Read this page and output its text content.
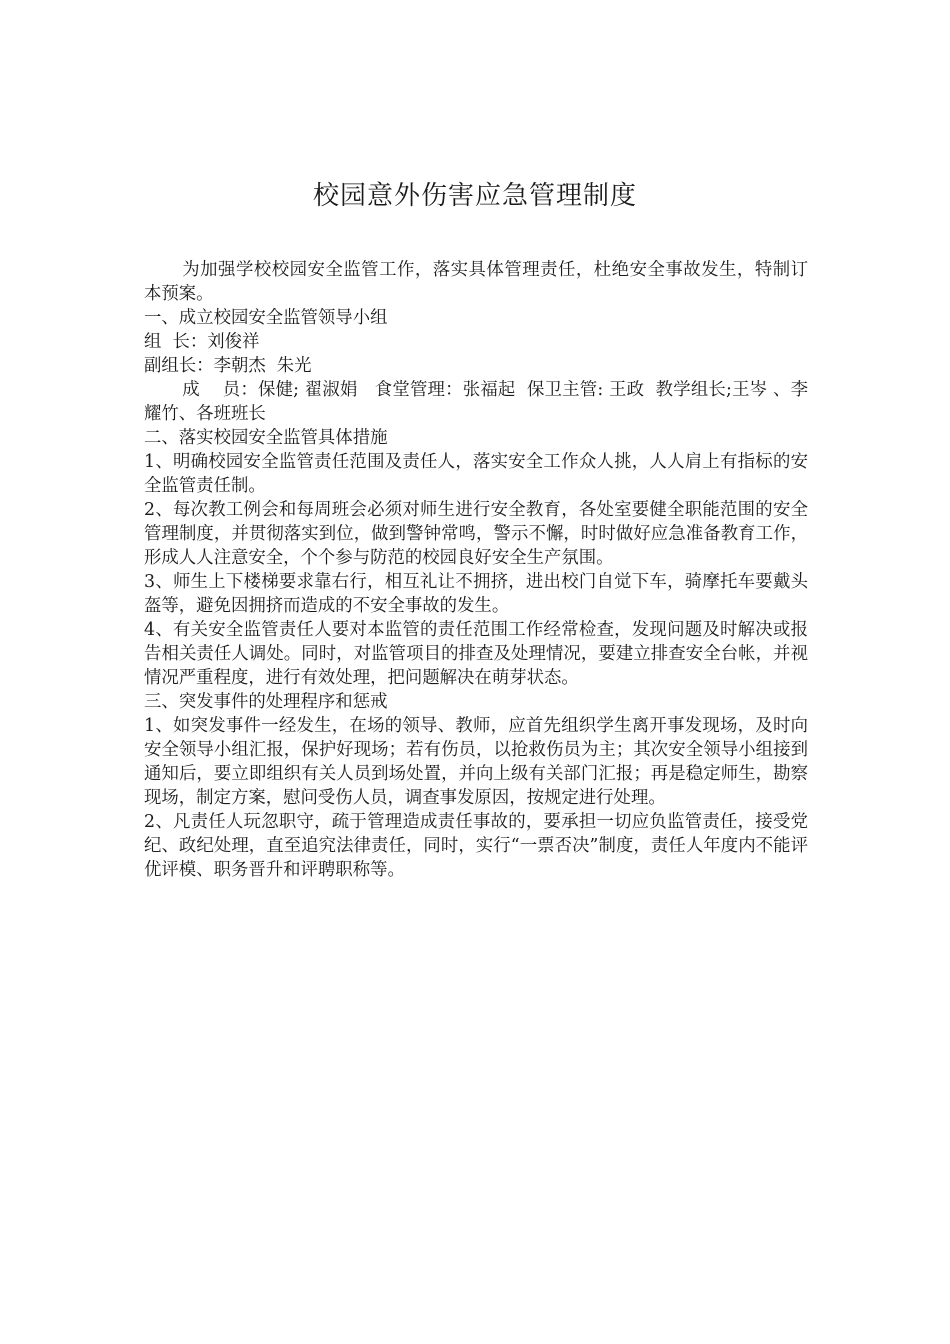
校园意外伤害应急管理制度

为加强学校校园安全监管工作，落实具体管理责任，杜绝安全事故发生，特制订本预案。

一、成立校园安全监管领导小组

组  长：刘俊祥

副组长：李朝杰  朱光

成    员：保健; 翟淑娟   食堂管理：张福起  保卫主管: 王政  教学组长;王岑 、李耀竹、各班班长

二、落实校园安全监管具体措施

1、明确校园安全监管责任范围及责任人，落实安全工作众人挑，人人肩上有指标的安全监管责任制。

2、每次教工例会和每周班会必须对师生进行安全教育，各处室要健全职能范围的安全管理制度，并贯彻落实到位，做到警钟常鸣，警示不懈，时时做好应急准备教育工作，形成人人注意安全，个个参与防范的校园良好安全生产氛围。

3、师生上下楼梯要求靠右行，相互礼让不拥挤，进出校门自觉下车，骑摩托车要戴头盔等，避免因拥挤而造成的不安全事故的发生。

4、有关安全监管责任人要对本监管的责任范围工作经常检查，发现问题及时解决或报告相关责任人调处。同时，对监管项目的排查及处理情况，要建立排查安全台帐，并视情况严重程度，进行有效处理，把问题解决在萌芽状态。

三、突发事件的处理程序和惩戒

1、如突发事件一经发生，在场的领导、教师，应首先组织学生离开事发现场，及时向安全领导小组汇报，保护好现场；若有伤员，以抢救伤员为主；其次安全领导小组接到通知后，要立即组织有关人员到场处置，并向上级有关部门汇报；再是稳定师生，勘察现场，制定方案，慰问受伤人员，调查事发原因，按规定进行处理。

2、凡责任人玩忽职守，疏于管理造成责任事故的，要承担一切应负监管责任，接受党纪、政纪处理，直至追究法律责任，同时，实行“一票否决”制度，责任人年度内不能评优评模、职务晋升和评聘职称等。
